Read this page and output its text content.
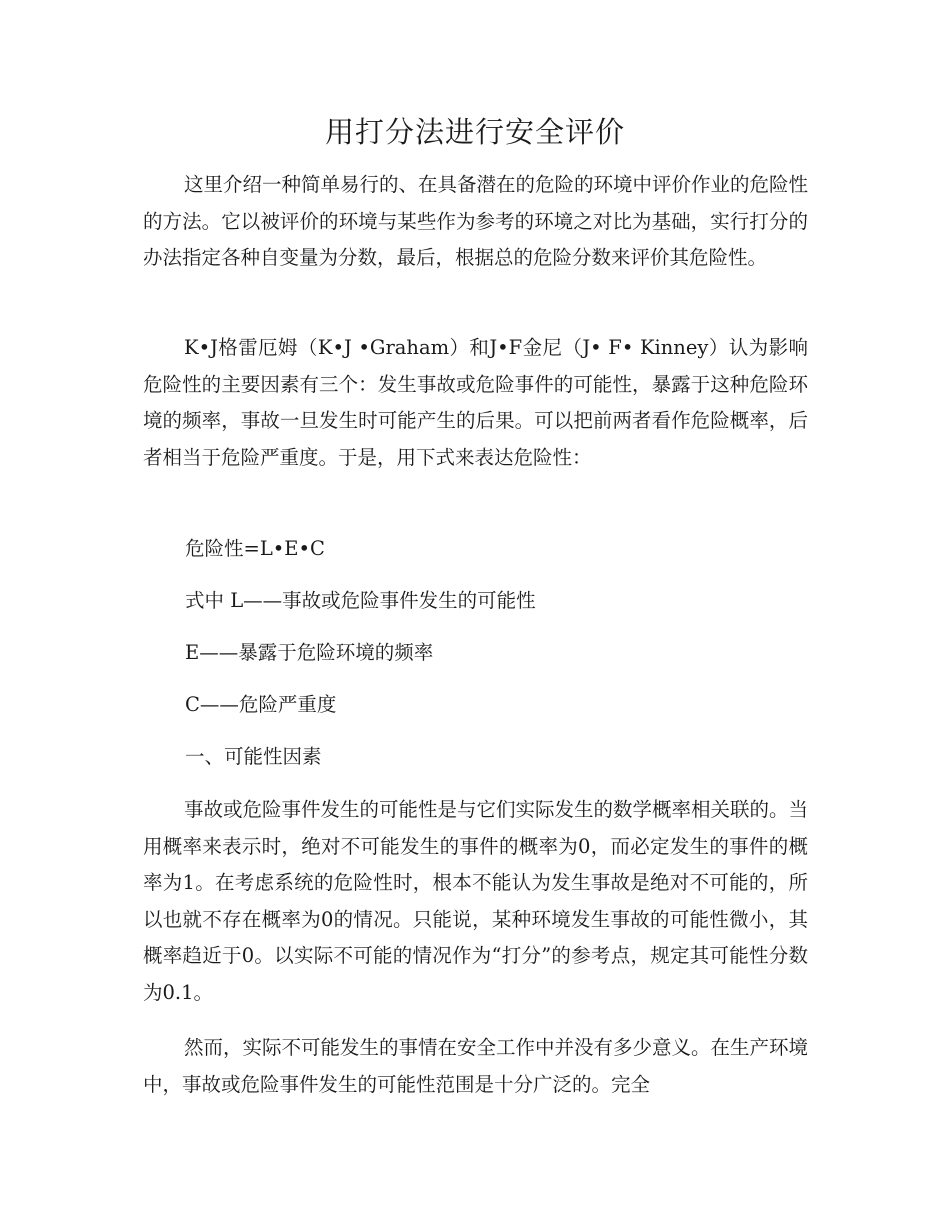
用打分法进行安全评价

这里介绍一种简单易行的、在具备潜在的危险的环境中评价作业的危险性的方法。它以被评价的环境与某些作为参考的环境之对比为基础，实行打分的办法指定各种自变量为分数，最后，根据总的危险分数来评价其危险性。

K•J格雷厄姆（K•J •Graham）和J•F金尼（J• F• Kinney）认为影响危险性的主要因素有三个：发生事故或危险事件的可能性，暴露于这种危险环境的频率，事故一旦发生时可能产生的后果。可以把前两者看作危险概率，后者相当于危险严重度。于是，用下式来表达危险性：

危险性=L•E•C

式中 L——事故或危险事件发生的可能性

E——暴露于危险环境的频率

C——危险严重度

一、可能性因素

事故或危险事件发生的可能性是与它们实际发生的数学概率相关联的。当用概率来表示时，绝对不可能发生的事件的概率为0，而必定发生的事件的概率为1。在考虑系统的危险性时，根本不能认为发生事故是绝对不可能的，所以也就不存在概率为0的情况。只能说，某种环境发生事故的可能性微小，其概率趋近于0。以实际不可能的情况作为“打分”的参考点，规定其可能性分数为0.1。

然而，实际不可能发生的事情在安全工作中并没有多少意义。在生产环境中，事故或危险事件发生的可能性范围是十分广泛的。完全
